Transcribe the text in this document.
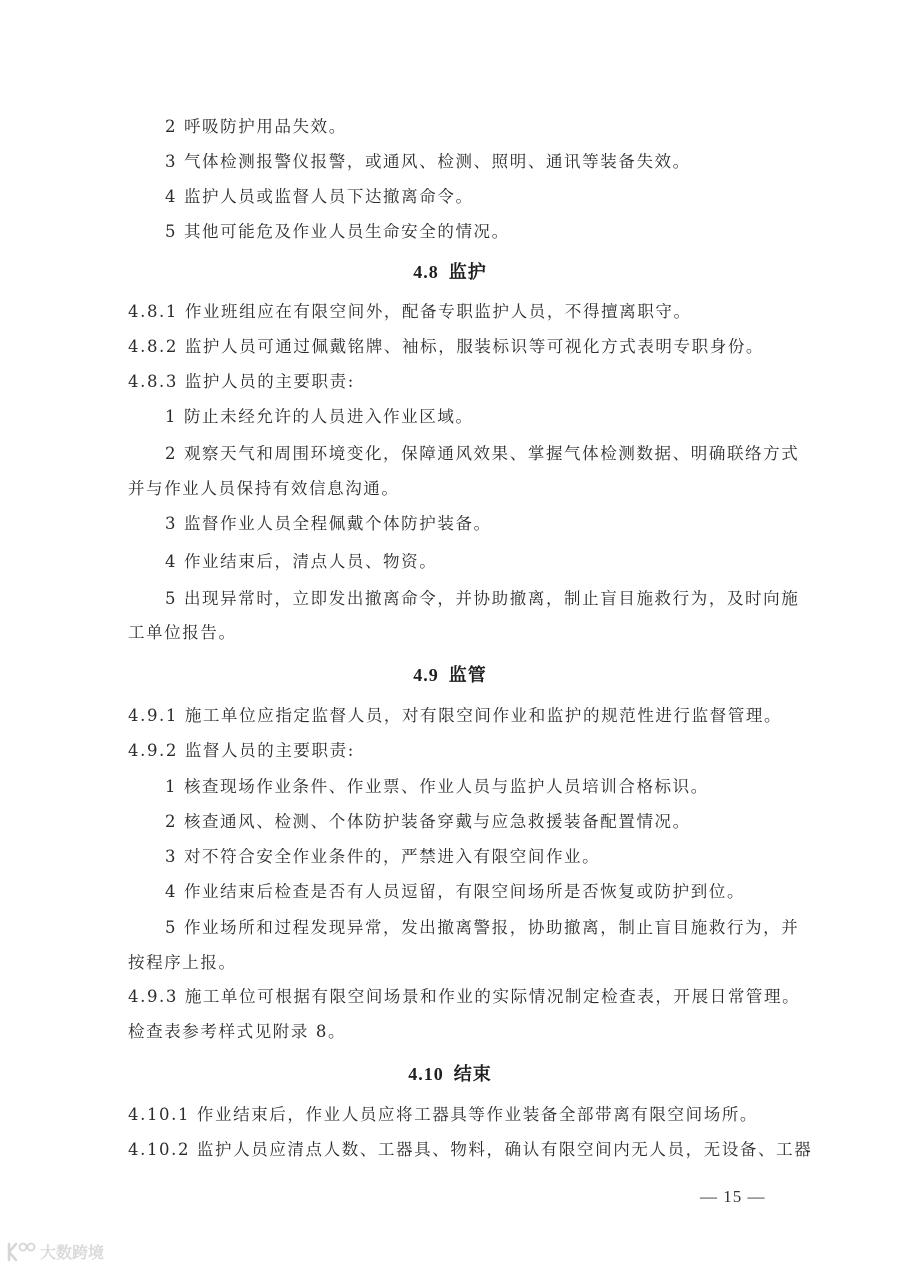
2 呼吸防护用品失效。
3 气体检测报警仪报警，或通风、检测、照明、通讯等装备失效。
4 监护人员或监督人员下达撤离命令。
5 其他可能危及作业人员生命安全的情况。
4.8 监护
4.8.1 作业班组应在有限空间外，配备专职监护人员，不得擅离职守。
4.8.2 监护人员可通过佩戴铭牌、袖标，服装标识等可视化方式表明专职身份。
4.8.3 监护人员的主要职责:
1 防止未经允许的人员进入作业区域。
2 观察天气和周围环境变化，保障通风效果、掌握气体检测数据、明确联络方式
并与作业人员保持有效信息沟通。
3 监督作业人员全程佩戴个体防护装备。
4 作业结束后，清点人员、物资。
5 出现异常时，立即发出撤离命令，并协助撤离，制止盲目施救行为，及时向施
工单位报告。
4.9 监管
4.9.1 施工单位应指定监督人员，对有限空间作业和监护的规范性进行监督管理。
4.9.2 监督人员的主要职责:
1 核查现场作业条件、作业票、作业人员与监护人员培训合格标识。
2 核查通风、检测、个体防护装备穿戴与应急救援装备配置情况。
3 对不符合安全作业条件的，严禁进入有限空间作业。
4 作业结束后检查是否有人员逗留，有限空间场所是否恢复或防护到位。
5 作业场所和过程发现异常，发出撤离警报，协助撤离，制止盲目施救行为，并
按程序上报。
4.9.3 施工单位可根据有限空间场景和作业的实际情况制定检查表，开展日常管理。
检查表参考样式见附录 8。
4.10 结束
4.10.1 作业结束后，作业人员应将工器具等作业装备全部带离有限空间场所。
4.10.2 监护人员应清点人数、工器具、物料，确认有限空间内无人员，无设备、工器
— 15 —
大数跨境
